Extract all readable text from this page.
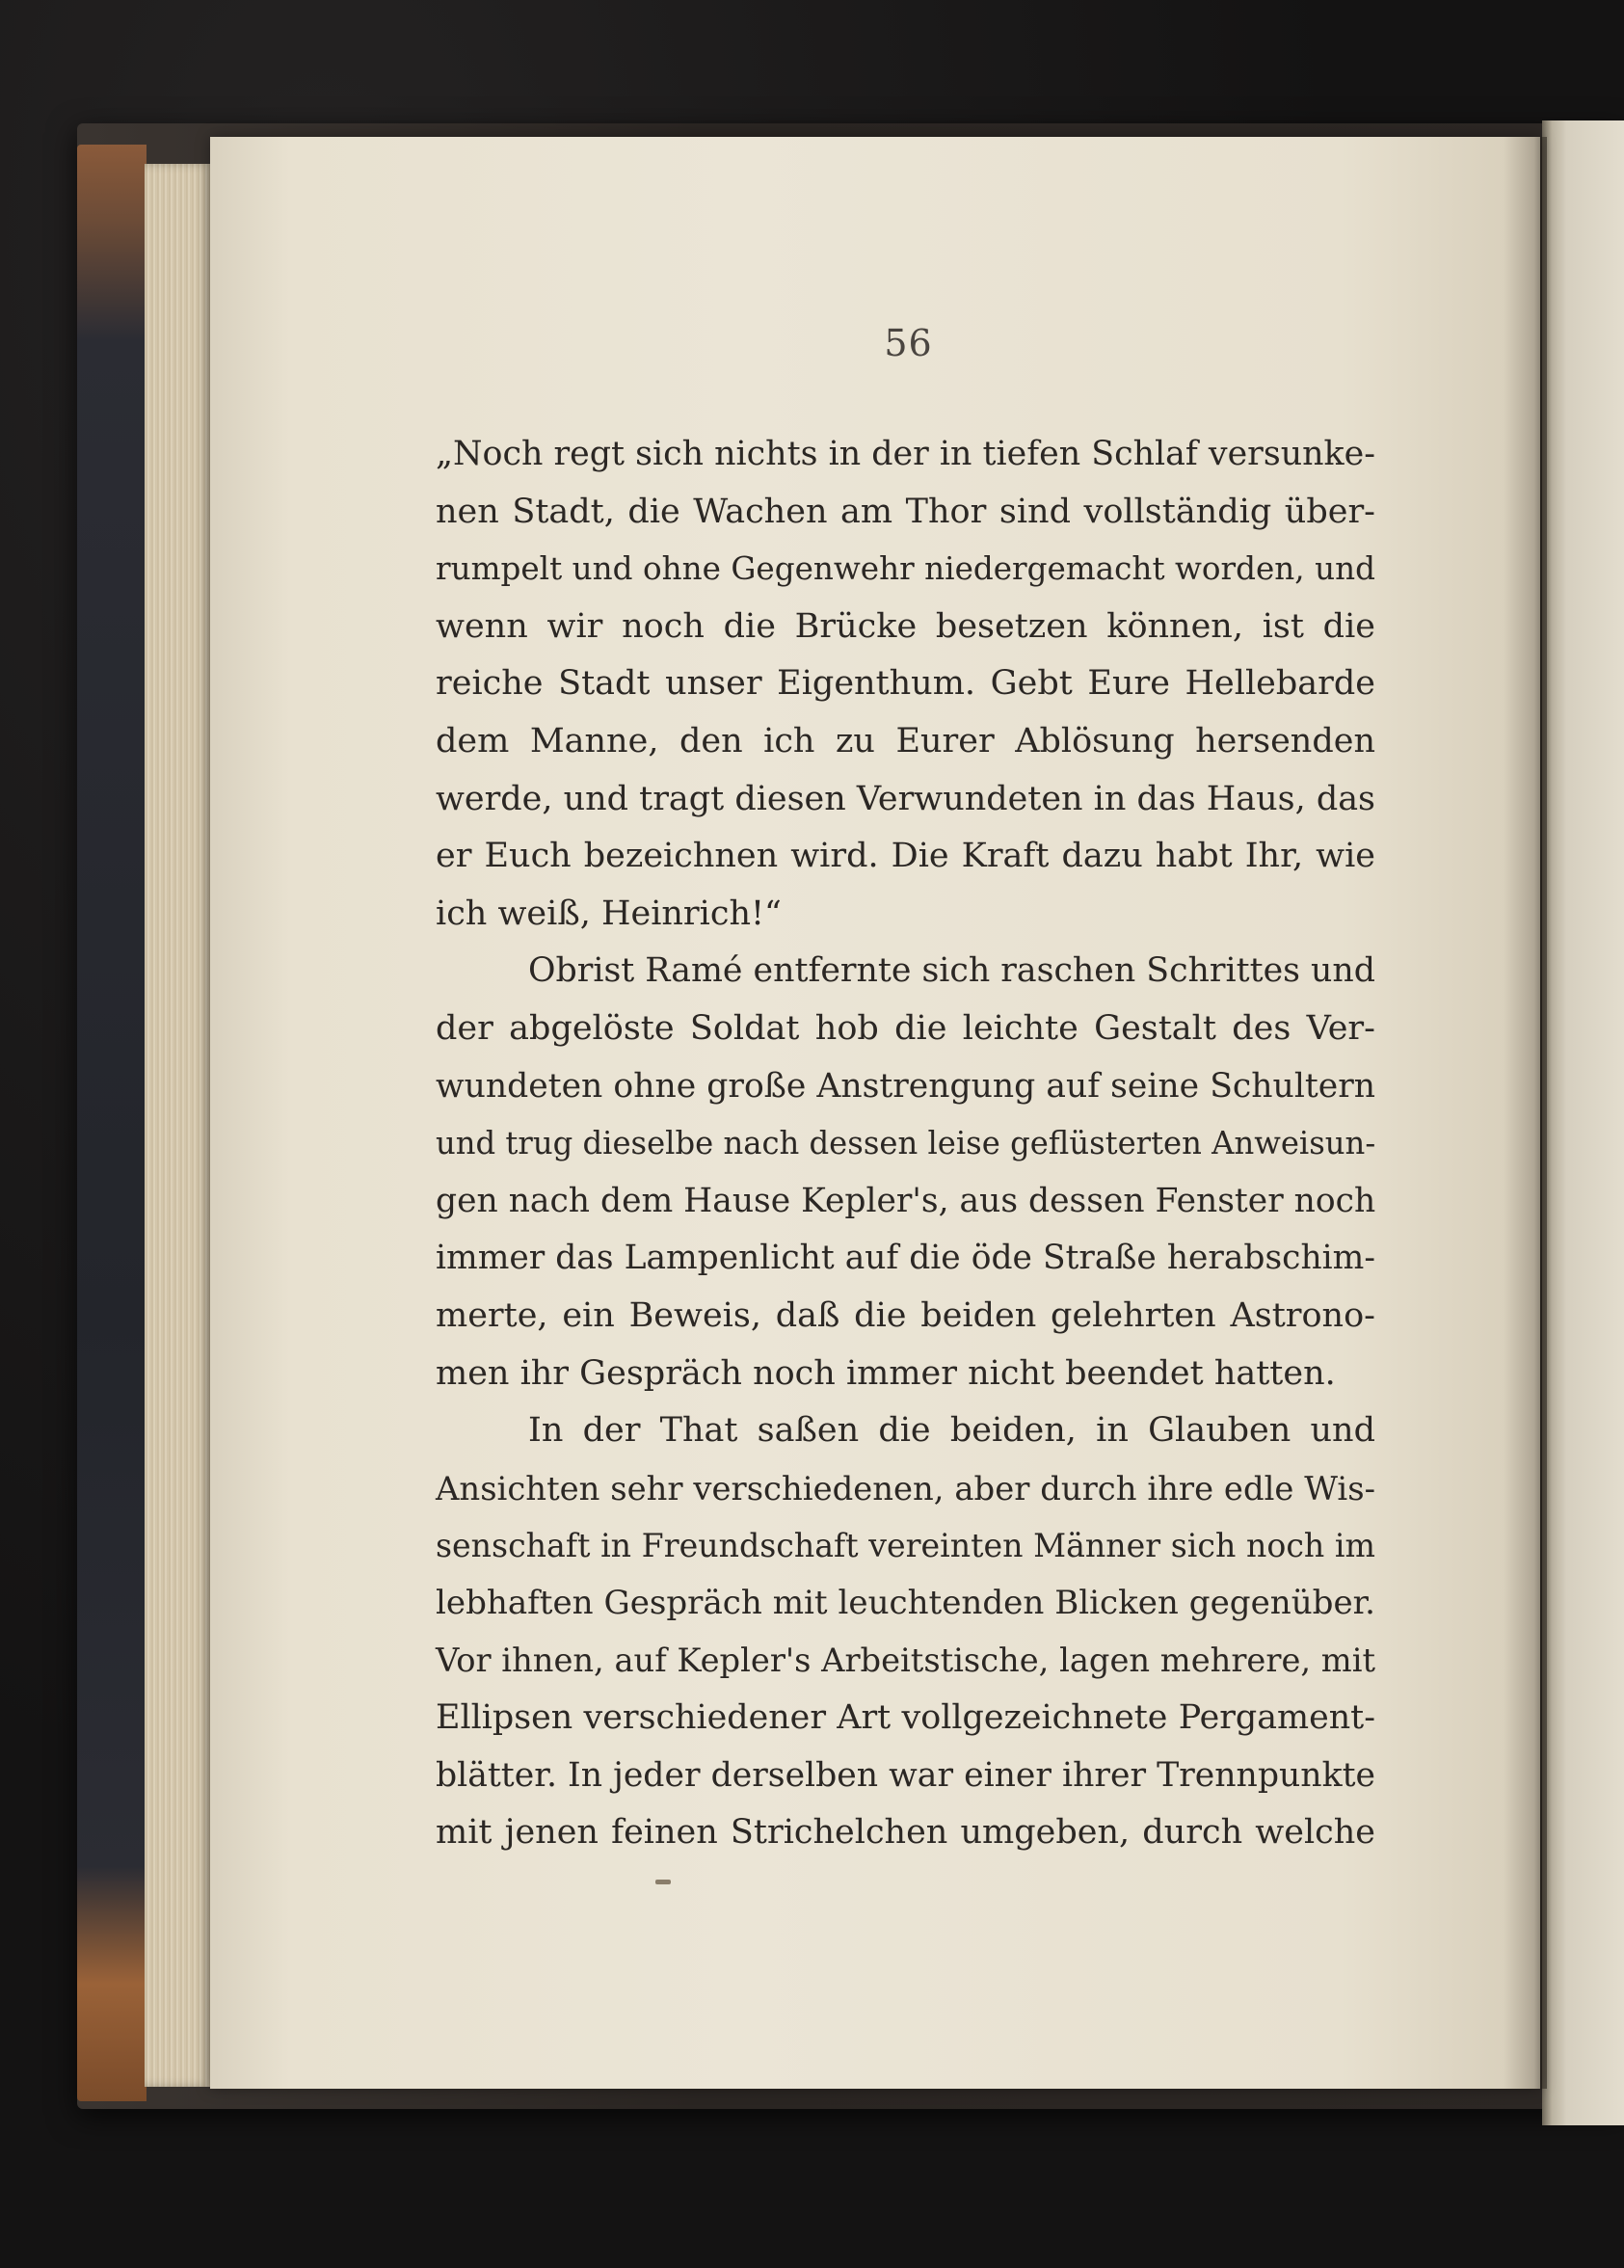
56
„Noch regt sich nichts in der in tiefen Schlaf versunke-
nen Stadt, die Wachen am Thor sind vollständig über-
rumpelt und ohne Gegenwehr niedergemacht worden, und
wenn wir noch die Brücke besetzen können, ist die
reiche Stadt unser Eigenthum. Gebt Eure Hellebarde
dem Manne, den ich zu Eurer Ablösung hersenden
werde, und tragt diesen Verwundeten in das Haus, das
er Euch bezeichnen wird. Die Kraft dazu habt Ihr, wie
ich weiß, Heinrich!“
Obrist Ramé entfernte sich raschen Schrittes und
der abgelöste Soldat hob die leichte Gestalt des Ver-
wundeten ohne große Anstrengung auf seine Schultern
und trug dieselbe nach dessen leise geflüsterten Anweisun-
gen nach dem Hause Kepler's, aus dessen Fenster noch
immer das Lampenlicht auf die öde Straße herabschim-
merte, ein Beweis, daß die beiden gelehrten Astrono-
men ihr Gespräch noch immer nicht beendet hatten.
In der That saßen die beiden, in Glauben und
Ansichten sehr verschiedenen, aber durch ihre edle Wis-
senschaft in Freundschaft vereinten Männer sich noch im
lebhaften Gespräch mit leuchtenden Blicken gegenüber.
Vor ihnen, auf Kepler's Arbeitstische, lagen mehrere, mit
Ellipsen verschiedener Art vollgezeichnete Pergament-
blätter. In jeder derselben war einer ihrer Trennpunkte
mit jenen feinen Strichelchen umgeben, durch welche
